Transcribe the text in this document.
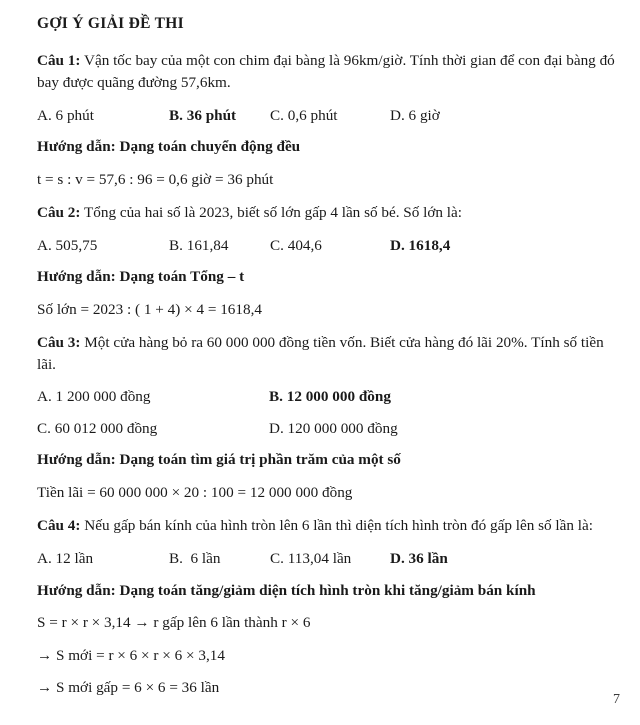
GỢI Ý GIẢI ĐỀ THI

Câu 1: Vận tốc bay của một con chim đại bàng là 96km/giờ. Tính thời gian để con đại bàng đó bay được quãng đường 57,6km.

A. 6 phút	B. 36 phút	C. 0,6 phút	D. 6 giờ

Hướng dẫn: Dạng toán chuyển động đều

t = s : v = 57,6 : 96 = 0,6 giờ = 36 phút

Câu 2: Tổng của hai số là 2023, biết số lớn gấp 4 lần số bé. Số lớn là:

A. 505,75	B. 161,84	C. 404,6	D. 1618,4

Hướng dẫn: Dạng toán Tổng – t

Số lớn = 2023 : ( 1 + 4) × 4 = 1618,4

Câu 3: Một cửa hàng bỏ ra 60 000 000 đồng tiền vốn. Biết cửa hàng đó lãi 20%. Tính số tiền lãi.

A. 1 200 000 đồng	B. 12 000 000 đồng
C. 60 012 000 đồng	D. 120 000 000 đồng

Hướng dẫn: Dạng toán tìm giá trị phần trăm của một số

Tiền lãi = 60 000 000 × 20 : 100 = 12 000 000 đồng

Câu 4: Nếu gấp bán kính của hình tròn lên 6 lần thì diện tích hình tròn đó gấp lên số lần là:

A. 12 lần	B.  6 lần	C. 113,04 lần	D. 36 lần

Hướng dẫn: Dạng toán tăng/giảm diện tích hình tròn khi tăng/giảm bán kính

S = r × r × 3,14 → r gấp lên 6 lần thành r × 6

→ S mới = r × 6 × r × 6 × 3,14

→ S mới gấp = 6 × 6 = 36 lần

7
